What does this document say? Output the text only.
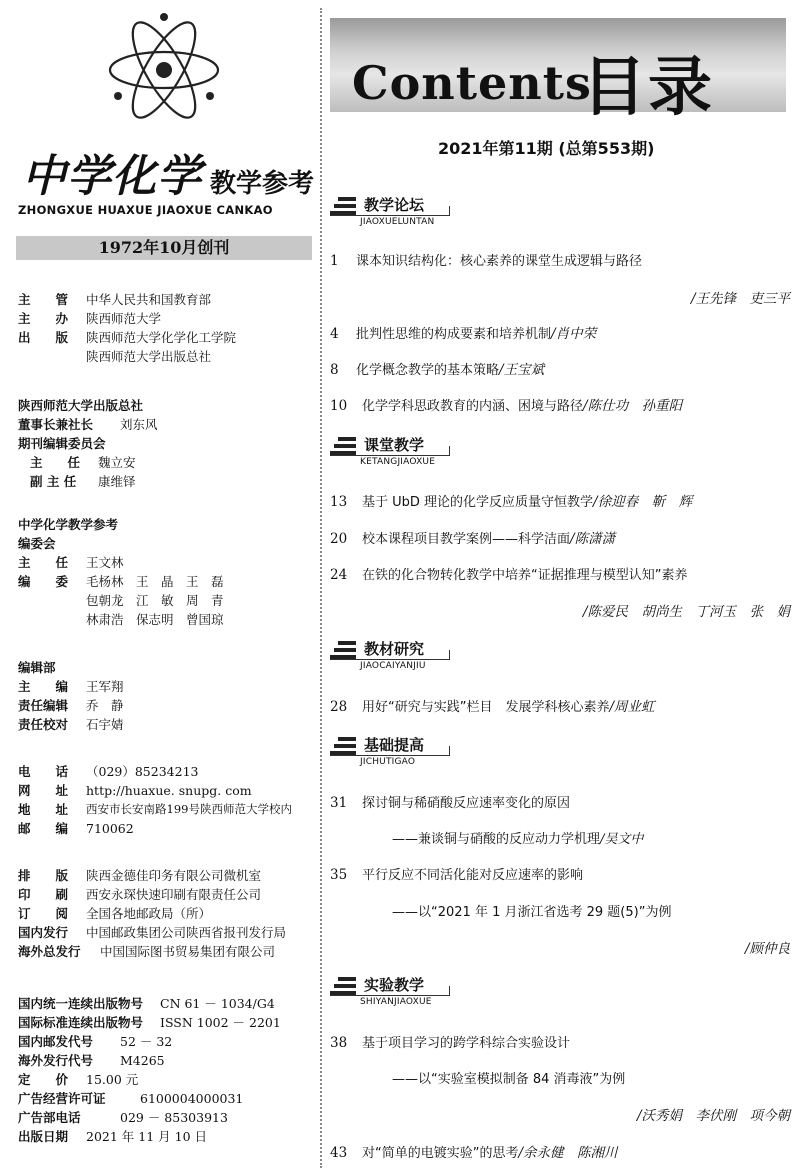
中学化学 教学参考
ZHONGXUE HUAXUE JIAOXUE CANKAO
1972年10月创刊
主　　管	中华人民共和国教育部
主　　办	陕西师范大学
出　　版	陕西师范大学化学化工学院
陕西师范大学出版总社
陕西师范大学出版总社
董事长兼社长	刘东风
期刊编辑委员会
主　　任	魏立安
副 主 任	康维铎
中学化学教学参考
编委会
主　　任	王文林
编　　委	毛杨林　王　晶　王　磊
包朝龙　江　敏　周　青
林肃浩　保志明　曾国琼
编辑部
主　　编	王军翔
责任编辑	乔　静
责任校对	石宇婧
电　　话	（029）85234213
网　　址	http://huaxue. snupg. com
地　　址	西安市长安南路199号陕西师范大学校内
邮　　编	710062
排　　版	陕西金德佳印务有限公司微机室
印　　刷	西安永琛快速印刷有限责任公司
订　　阅	全国各地邮政局（所）
国内发行	中国邮政集团公司陕西省报刊发行局
海外总发行	中国国际图书贸易集团有限公司
国内统一连续出版物号	CN 61 － 1034/G4
国际标准连续出版物号	ISSN 1002 － 2201
国内邮发代号	52 － 32
海外发行代号	M4265
定　　价	15.00 元
广告经营许可证	6100004000031
广告部电话	029 － 85303913
出版日期	2021 年 11 月 10 日
Contents
目录
2021年第11期 (总第553期)
教学论坛
JIAOXUELUNTAN
1 课本知识结构化：核心素养的课堂生成逻辑与路径
/王先锋　吏三平
4 批判性思维的构成要素和培养机制/肖中荣
8 化学概念教学的基本策略/王宝斌
10 化学学科思政教育的内涵、困境与路径/陈仕功　孙重阳
课堂教学
KETANGJIAOXUE
13 基于 UbD 理论的化学反应质量守恒教学/徐迎春　靳　辉
20 校本课程项目教学案例——科学洁面/陈潇潇
24 在铁的化合物转化教学中培养“证据推理与模型认知”素养
/陈爱民　胡尚生　丁河玉　张　娟
教材研究
JIAOCAIYANJIU
28 用好“研究与实践”栏目　发展学科核心素养/周业虹
基础提高
JICHUTIGAO
31 探讨铜与稀硝酸反应速率变化的原因
——兼谈铜与硝酸的反应动力学机理/吴文中
35 平行反应不同活化能对反应速率的影响
——以“2021 年 1 月浙江省选考 29 题(5)”为例
/顾仲良
实验教学
SHIYANJIAOXUE
38 基于项目学习的跨学科综合实验设计
——以“实验室模拟制备 84 消毒液”为例
/沃秀娟　李伏刚　项今朝
43 对“简单的电镀实验”的思考/余永健　陈湘川
